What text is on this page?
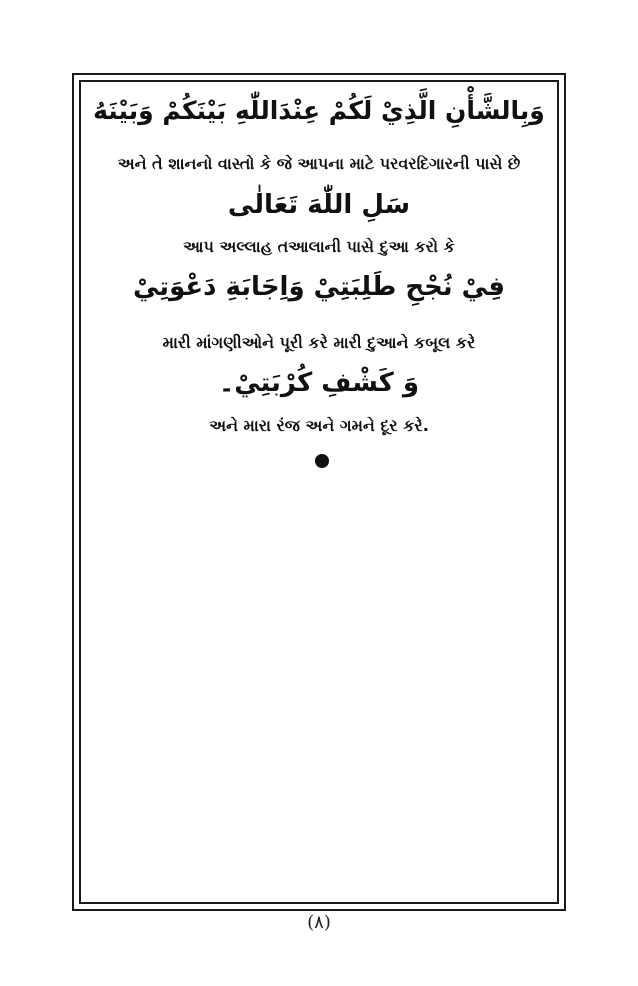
وَبِالشَّأْنِ الَّذِيْ لَكُمْ عِنْدَاللّٰهِ بَيْنَكُمْ وَبَيْنَهُ
અને તે શાનનો વાસ્તો કે જે આપના માટે પરવરદિગારની પાસે છે
سَلِ اللّٰهَ تَعَالٰى
આપ અલ્લાહ તઆલાની પાસે દુઆ કરો કે
فِيْ نُجْحِ طَلِبَتِيْ وَاِجَابَةِ دَعْوَتِيْ
મારી માંગણીઓને પૂરી કરે મારી દુઆને કબૂલ કરે
وَ كَشْفِ كُرْبَتِيْ۔
અને મારા રંજ અને ગમને દૂર કરે.
(۸)
